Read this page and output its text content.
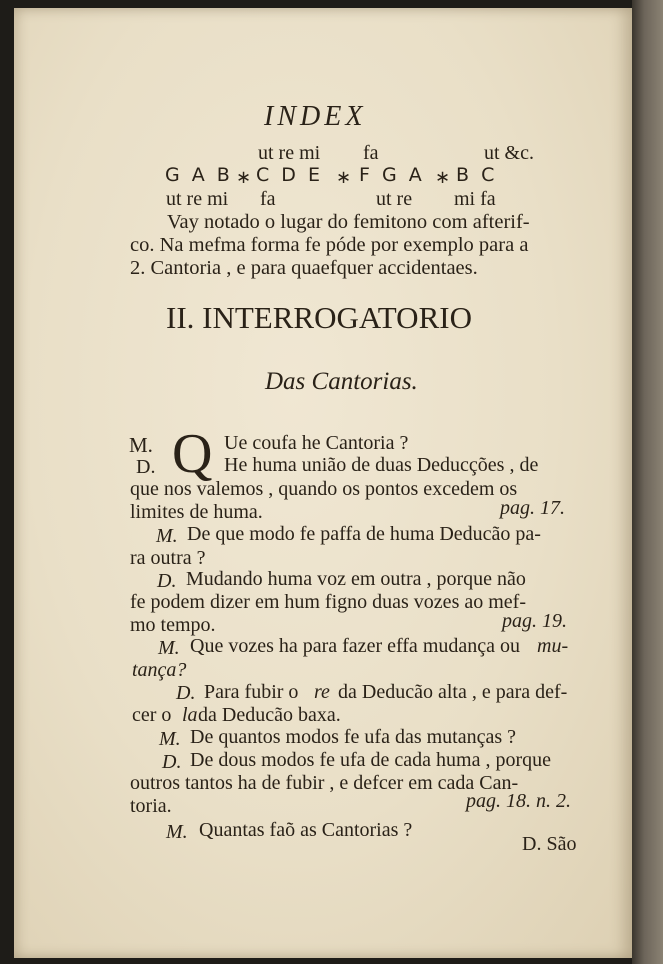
INDEX
ut re mi fa	ut &c.
G A B ∗ C D E ∗ F G A ∗ B C
ut re mi fa	ut re mi fa
Vay notado o lugar do femitono com afterif-
co. Na mefma forma fe póde por exemplo para a
2. Cantoria , e para quaefquer accidentaes.
II. INTERROGATORIO
Das Cantorias.
M. Q Ue coufa he Cantoria ?
D.	He huma união de duas Deducções , de
que nos valemos , quando os pontos excedem os
limites de huma.	pag. 17.
M. De que modo fe paffa de huma Deducão pa-
ra outra ?
D. Mudando huma voz em outra , porque não
fe podem dizer em hum figno duas vozes ao mef-
mo tempo.	pag. 19.
M. Que vozes ha para fazer effa mudança ou mu-
tança?
D. Para fubir o re da Deducão alta , e para def-
cer o la da Deducão baxa.
M. De quantos modos fe ufa das mutanças ?
D. De dous modos fe ufa de cada huma , porque
outros tantos ha de fubir , e defcer em cada Can-
toria.	pag. 18. n. 2.
M. Quantas faõ as Cantorias ?
D. São
